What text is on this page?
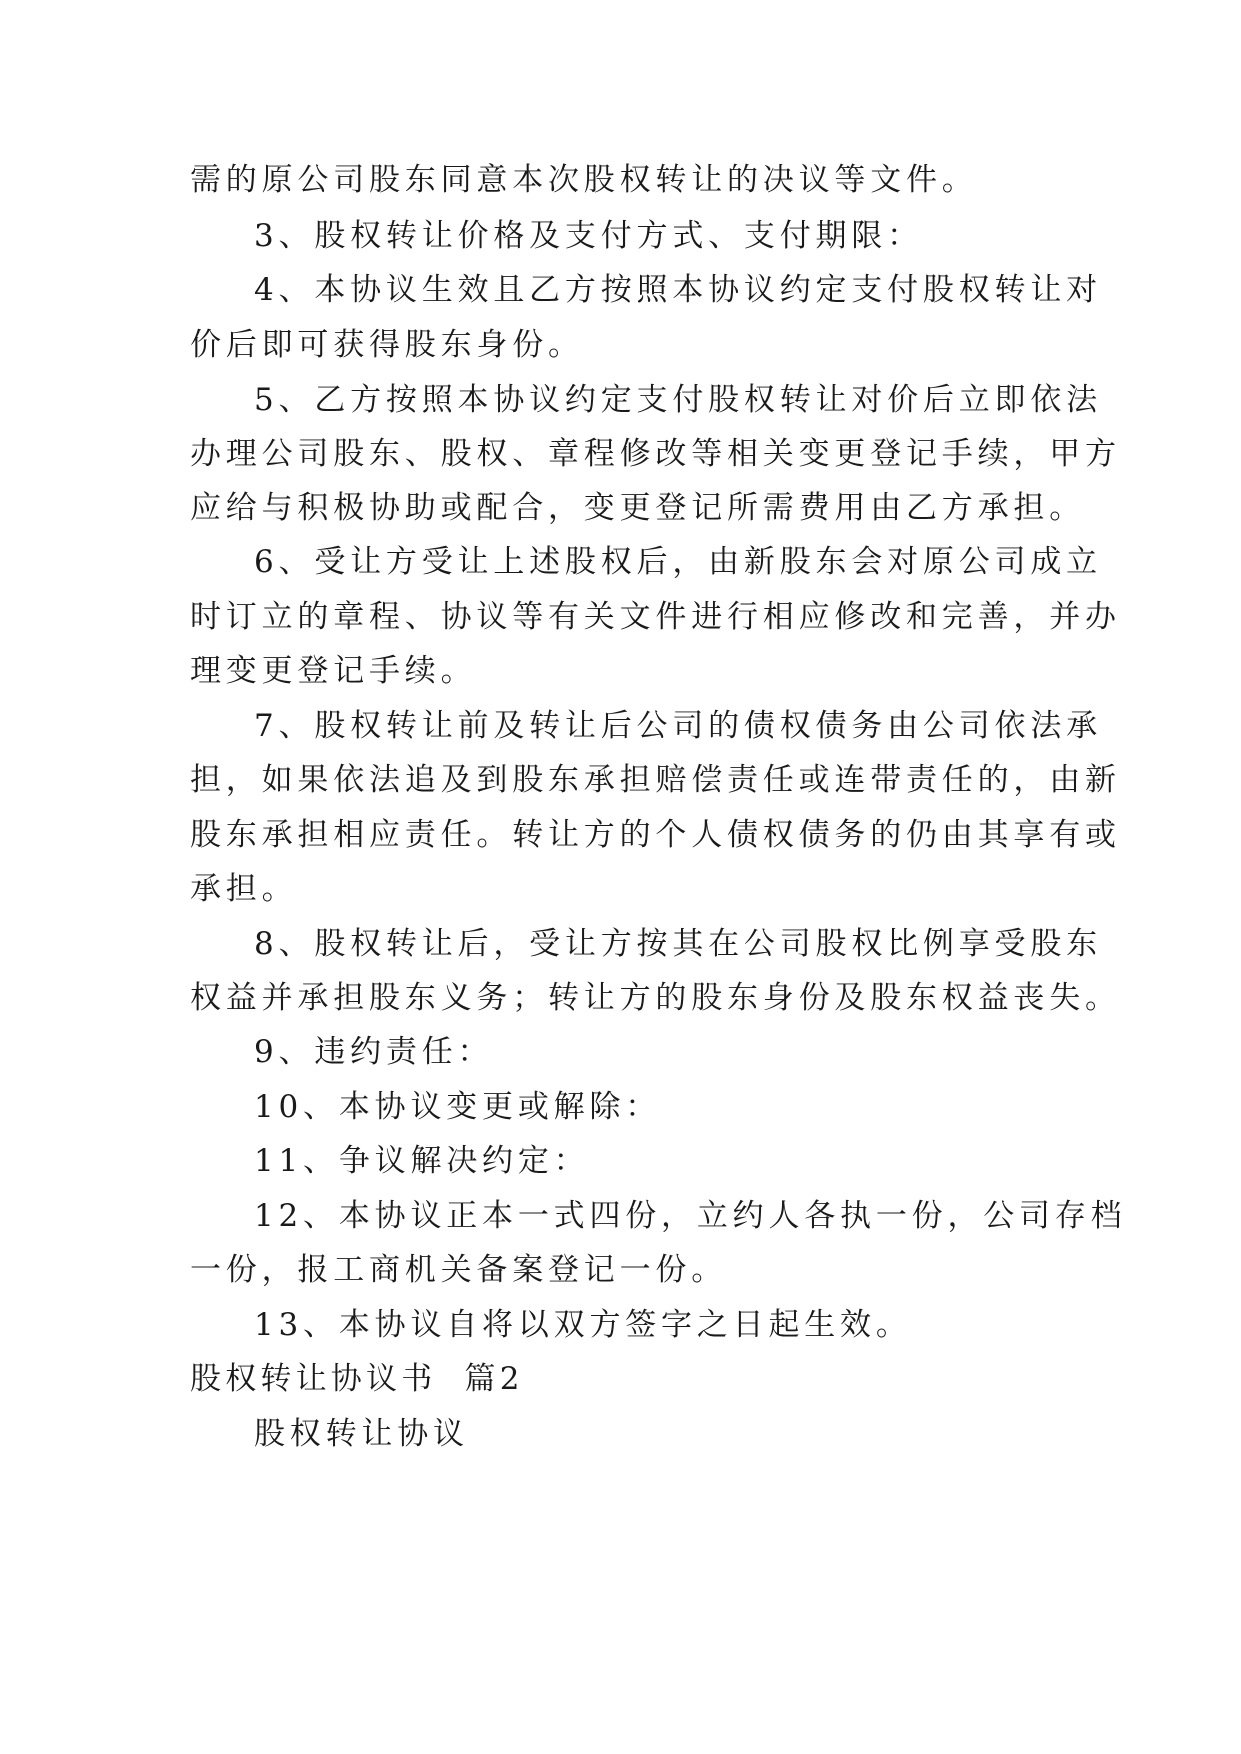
需的原公司股东同意本次股权转让的决议等文件。
3、股权转让价格及支付方式、支付期限：
4、本协议生效且乙方按照本协议约定支付股权转让对
价后即可获得股东身份。
5、乙方按照本协议约定支付股权转让对价后立即依法
办理公司股东、股权、章程修改等相关变更登记手续，甲方
应给与积极协助或配合，变更登记所需费用由乙方承担。
6、受让方受让上述股权后，由新股东会对原公司成立
时订立的章程、协议等有关文件进行相应修改和完善，并办
理变更登记手续。
7、股权转让前及转让后公司的债权债务由公司依法承
担，如果依法追及到股东承担赔偿责任或连带责任的，由新
股东承担相应责任。转让方的个人债权债务的仍由其享有或
承担。
8、股权转让后，受让方按其在公司股权比例享受股东
权益并承担股东义务；转让方的股东身份及股东权益丧失。
9、违约责任：
10、本协议变更或解除：
11、争议解决约定：
12、本协议正本一式四份，立约人各执一份，公司存档
一份，报工商机关备案登记一份。
13、本协议自将以双方签字之日起生效。
股权转让协议书  篇2
股权转让协议
